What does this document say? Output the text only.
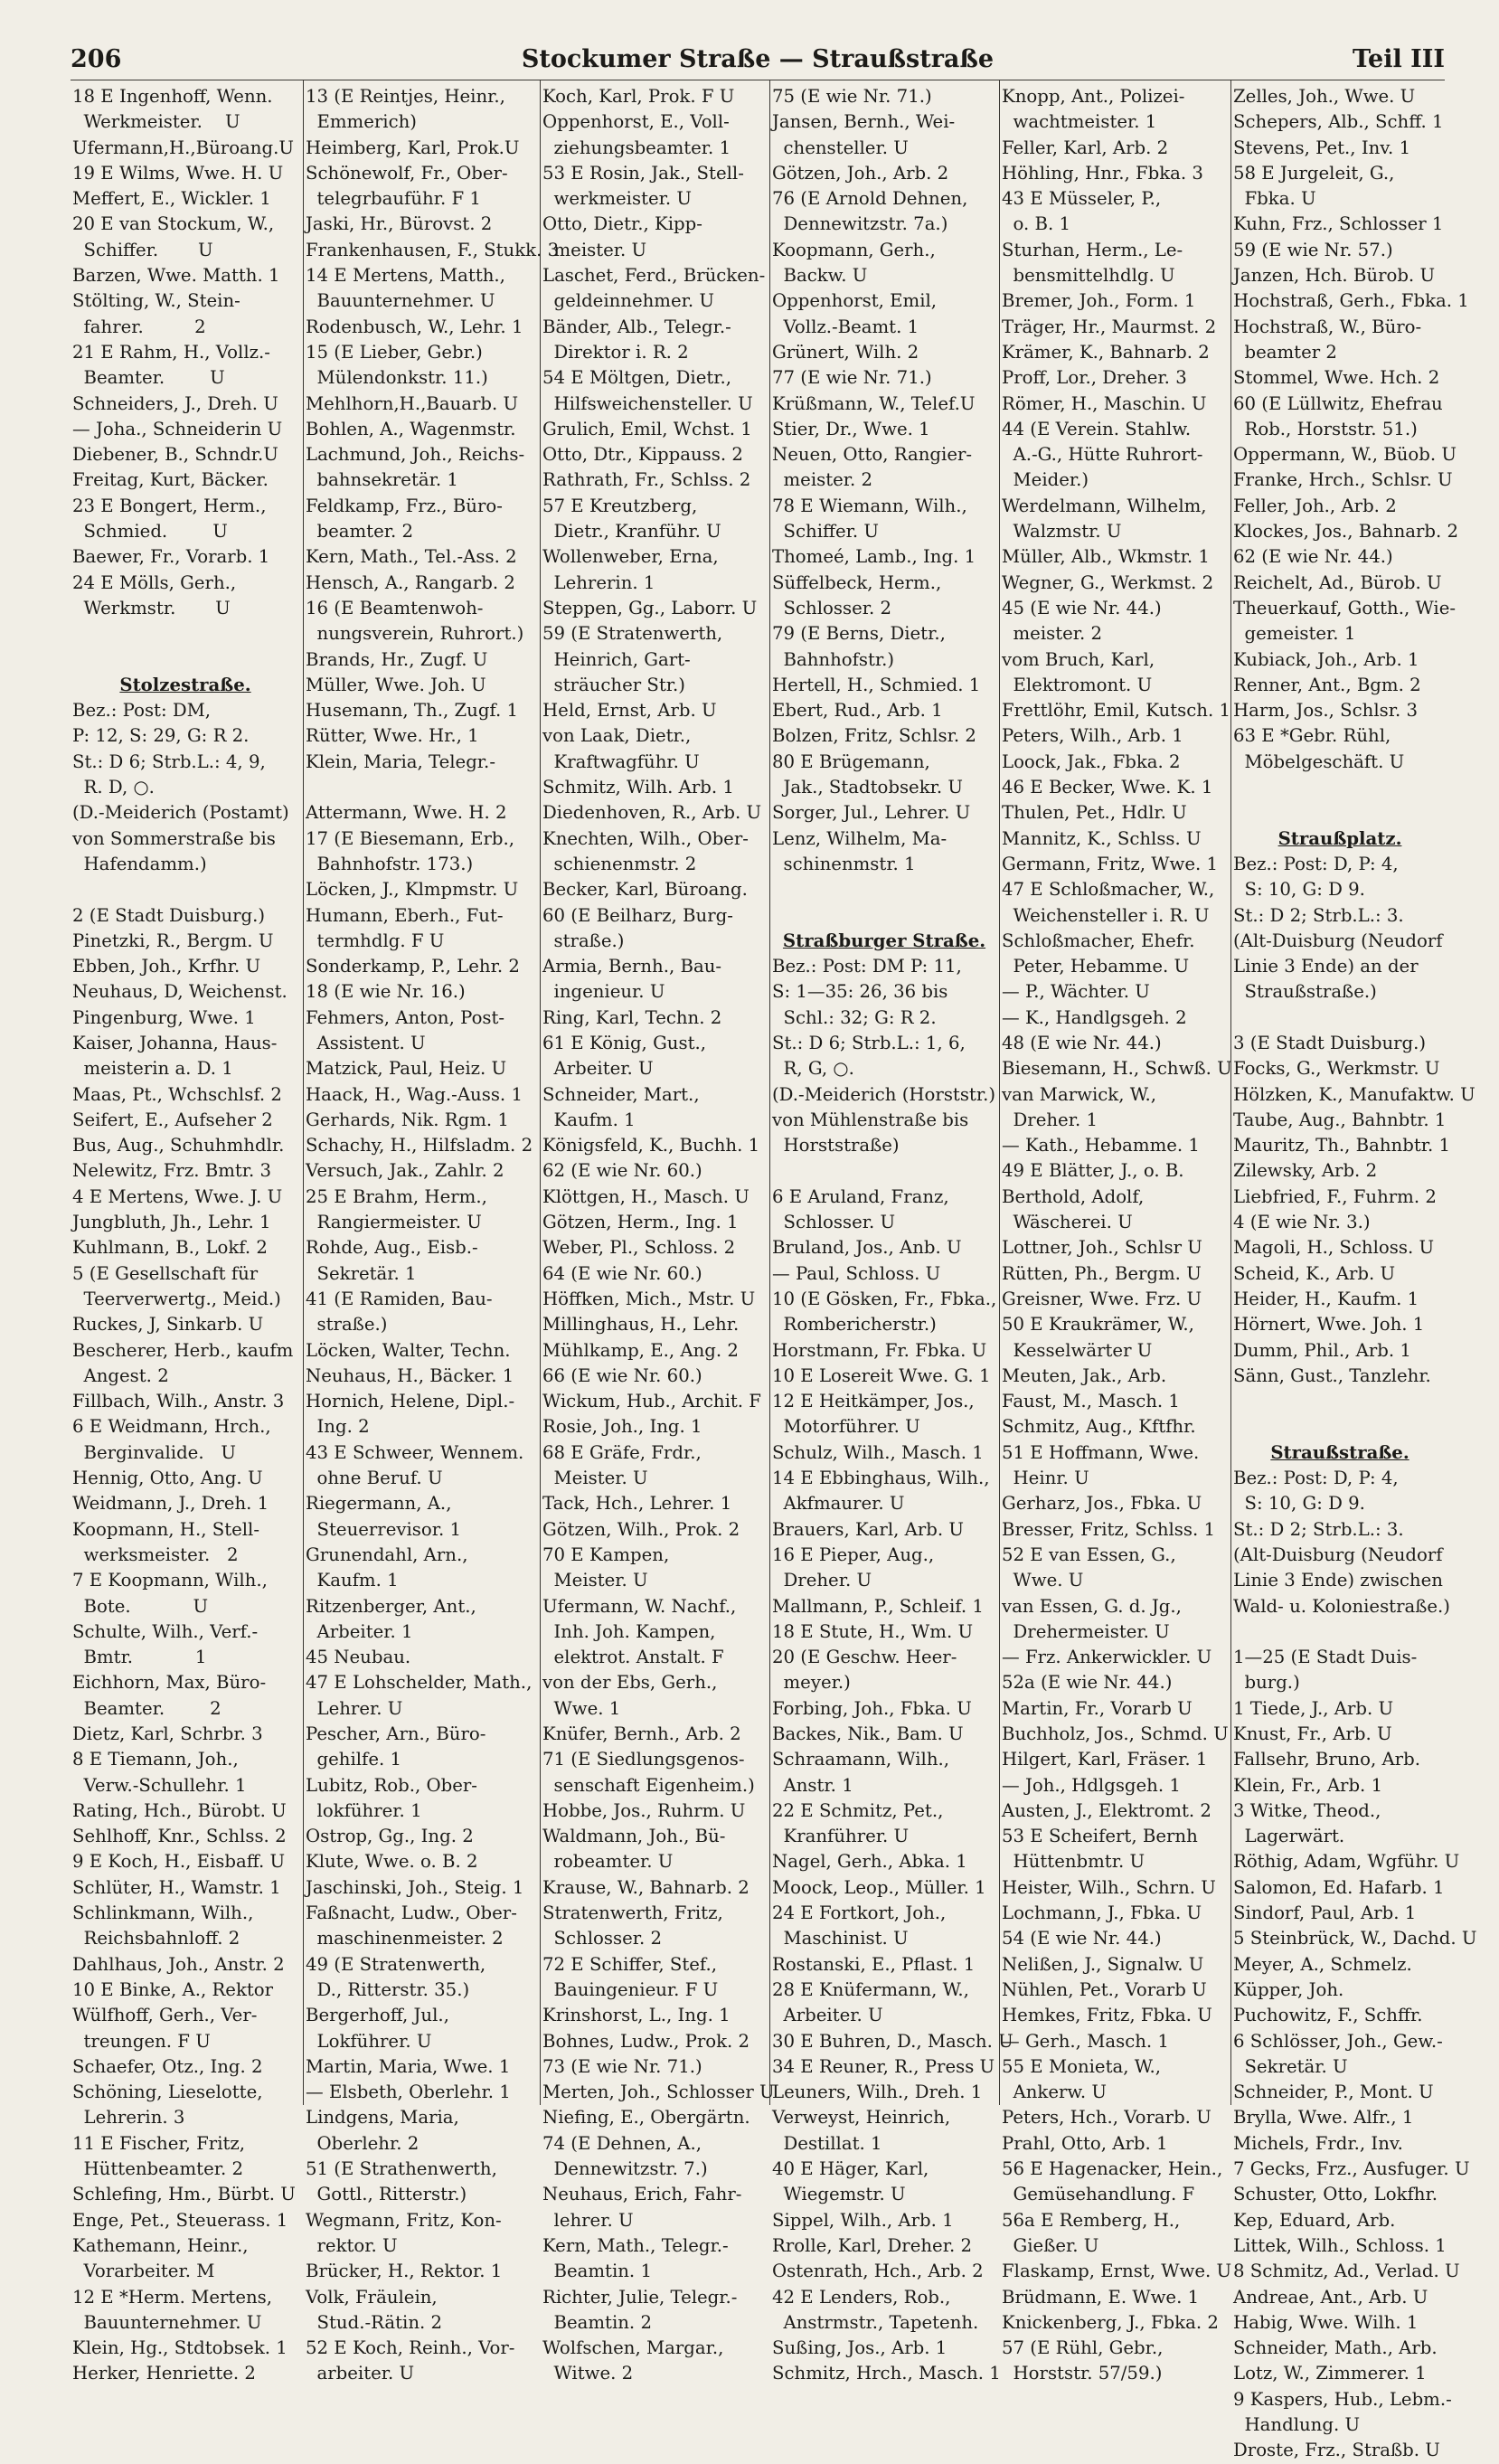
206	Stockumer Straße — Straußstraße	Teil III
18 E Ingenhoff, Wenn.
Werkmeister.    U
Ufermann,H.,Büroang.U
19 E Wilms, Wwe. H. U
Meffert, E., Wickler. 1
20 E van Stockum, W.,
Schiffer.       U
Barzen, Wwe. Matth. 1
Stölting, W., Stein-
fahrer.         2
21 E Rahm, H., Vollz.-
Beamter.        U
Schneiders, J., Dreh. U
— Joha., Schneiderin U
Diebener, B., Schndr.U
Freitag, Kurt, Bäcker.
23 E Bongert, Herm.,
Schmied.        U
Baewer, Fr., Vorarb. 1
24 E Mölls, Gerh.,
Werkmstr.       U

Stolzestraße.
Bez.: Post: DM,
P: 12, S: 29, G: R 2.
St.: D 6; Strb.L.: 4, 9,
R. D, ○.
(D.-Meiderich (Postamt)
von Sommerstraße bis
Hafendamm.)

2 (E Stadt Duisburg.)
Pinetzki, R., Bergm. U
Ebben, Joh., Krfhr. U
Neuhaus, D, Weichenst.
Pingenburg, Wwe. 1
Kaiser, Johanna, Haus-
meisterin a. D. 1
Maas, Pt., Wchschlsf. 2
Seifert, E., Aufseher 2
Bus, Aug., Schuhmhdlr.
Nelewitz, Frz. Bmtr. 3
4 E Mertens, Wwe. J. U
Jungbluth, Jh., Lehr. 1
Kuhlmann, B., Lokf. 2
5 (E Gesellschaft für
Teerverwertg., Meid.)
Ruckes, J, Sinkarb. U
Bescherer, Herb., kaufm
Angest. 2
Fillbach, Wilh., Anstr. 3
6 E Weidmann, Hrch.,
Berginvalide.   U
Hennig, Otto, Ang. U
Weidmann, J., Dreh. 1
Koopmann, H., Stell-
werksmeister.   2
7 E Koopmann, Wilh.,
Bote.           U
Schulte, Wilh., Verf.-
Bmtr.           1
Eichhorn, Max, Büro-
Beamter.        2
Dietz, Karl, Schrbr. 3
8 E Tiemann, Joh.,
Verw.-Schullehr. 1
Rating, Hch., Bürobt. U
Sehlhoff, Knr., Schlss. 2
9 E Koch, H., Eisbaff. U
Schlüter, H., Wamstr. 1
Schlinkmann, Wilh.,
Reichsbahnloff. 2
Dahlhaus, Joh., Anstr. 2
10 E Binke, A., Rektor
Wülfhoff, Gerh., Ver-
treungen. F U
Schaefer, Otz., Ing. 2
Schöning, Lieselotte,
Lehrerin. 3
11 E Fischer, Fritz,
Hüttenbeamter. 2
Schlefing, Hm., Bürbt. U
Enge, Pet., Steuerass. 1
Kathemann, Heinr.,
Vorarbeiter. M
12 E *Herm. Mertens,
Bauunternehmer. U
Klein, Hg., Stdtobsek. 1
Herker, Henriette. 2
13 (E Reintjes, Heinr.,
Emmerich)
Heimberg, Karl, Prok.U
Schönewolf, Fr., Ober-
telegrbauführ. F 1
Jaski, Hr., Bürovst. 2
Frankenhausen, F., Stukk. 3
14 E Mertens, Matth.,
Bauunternehmer. U
Rodenbusch, W., Lehr. 1
15 (E Lieber, Gebr.)
Mülendonkstr. 11.)
Mehlhorn,H.,Bauarb. U
Bohlen, A., Wagenmstr.
Lachmund, Joh., Reichs-
bahnsekretär. 1
Feldkamp, Frz., Büro-
beamter. 2
Kern, Math., Tel.-Ass. 2
Hensch, A., Rangarb. 2
16 (E Beamtenwoh-
nungsverein, Ruhrort.)
Brands, Hr., Zugf. U
Müller, Wwe. Joh. U
Husemann, Th., Zugf. 1
Rütter, Wwe. Hr., 1
Klein, Maria, Telegr.-

Attermann, Wwe. H. 2
17 (E Biesemann, Erb.,
Bahnhofstr. 173.)
Löcken, J., Klmpmstr. U
Humann, Eberh., Fut-
termhdlg. F U
Sonderkamp, P., Lehr. 2
18 (E wie Nr. 16.)
Fehmers, Anton, Post-
Assistent. U
Matzick, Paul, Heiz. U
Haack, H., Wag.-Auss. 1
Gerhards, Nik. Rgm. 1
Schachy, H., Hilfsladm. 2
Versuch, Jak., Zahlr. 2
25 E Brahm, Herm.,
Rangiermeister. U
Rohde, Aug., Eisb.-
Sekretär. 1
41 (E Ramiden, Bau-
straße.)
Löcken, Walter, Techn.
Neuhaus, H., Bäcker. 1
Hornich, Helene, Dipl.-
Ing. 2
43 E Schweer, Wennem.
ohne Beruf. U
Riegermann, A.,
Steuerrevisor. 1
Grunendahl, Arn.,
Kaufm. 1
Ritzenberger, Ant.,
Arbeiter. 1
45 Neubau.
47 E Lohschelder, Math.,
Lehrer. U
Pescher, Arn., Büro-
gehilfe. 1
Lubitz, Rob., Ober-
lokführer. 1
Ostrop, Gg., Ing. 2
Klute, Wwe. o. B. 2
Jaschinski, Joh., Steig. 1
Faßnacht, Ludw., Ober-
maschinenmeister. 2
49 (E Stratenwerth,
D., Ritterstr. 35.)
Bergerhoff, Jul.,
Lokführer. U
Martin, Maria, Wwe. 1
— Elsbeth, Oberlehr. 1
Lindgens, Maria,
Oberlehr. 2
51 (E Strathenwerth,
Gottl., Ritterstr.)
Wegmann, Fritz, Kon-
rektor. U
Brücker, H., Rektor. 1
Volk, Fräulein,
Stud.-Rätin. 2
52 E Koch, Reinh., Vor-
arbeiter. U
Koch, Karl, Prok. F U
Oppenhorst, E., Voll-
ziehungsbeamter. 1
53 E Rosin, Jak., Stell-
werkmeister. U
Otto, Dietr., Kipp-
meister. U
Laschet, Ferd., Brücken-
geldeinnehmer. U
Bänder, Alb., Telegr.-
Direktor i. R. 2
54 E Möltgen, Dietr.,
Hilfsweichensteller. U
Grulich, Emil, Wchst. 1
Otto, Dtr., Kippauss. 2
Rathrath, Fr., Schlss. 2
57 E Kreutzberg,
Dietr., Kranführ. U
Wollenweber, Erna,
Lehrerin. 1
Steppen, Gg., Laborr. U
59 (E Stratenwerth,
Heinrich, Gart-
sträucher Str.)
Held, Ernst, Arb. U
von Laak, Dietr.,
Kraftwagführ. U
Schmitz, Wilh. Arb. 1
Diedenhoven, R., Arb. U
Knechten, Wilh., Ober-
schienenmstr. 2
Becker, Karl, Büroang.
60 (E Beilharz, Burg-
straße.)
Armia, Bernh., Bau-
ingenieur. U
Ring, Karl, Techn. 2
61 E König, Gust.,
Arbeiter. U
Schneider, Mart.,
Kaufm. 1
Königsfeld, K., Buchh. 1
62 (E wie Nr. 60.)
Klöttgen, H., Masch. U
Götzen, Herm., Ing. 1
Weber, Pl., Schloss. 2
64 (E wie Nr. 60.)
Höffken, Mich., Mstr. U
Millinghaus, H., Lehr.
Mühlkamp, E., Ang. 2
66 (E wie Nr. 60.)
Wickum, Hub., Archit. F
Rosie, Joh., Ing. 1
68 E Gräfe, Frdr.,
Meister. U
Tack, Hch., Lehrer. 1
Götzen, Wilh., Prok. 2
70 E Kampen,
Meister. U
Ufermann, W. Nachf.,
Inh. Joh. Kampen,
elektrot. Anstalt. F
von der Ebs, Gerh.,
Wwe. 1
Knüfer, Bernh., Arb. 2
71 (E Siedlungsgenos-
senschaft Eigenheim.)
Hobbe, Jos., Ruhrm. U
Waldmann, Joh., Bü-
robeamter. U
Krause, W., Bahnarb. 2
Stratenwerth, Fritz,
Schlosser. 2
72 E Schiffer, Stef.,
Bauingenieur. F U
Krinshorst, L., Ing. 1
Bohnes, Ludw., Prok. 2
73 (E wie Nr. 71.)
Merten, Joh., Schlosser U
Niefing, E., Obergärtn.
74 (E Dehnen, A.,
Dennewitzstr. 7.)
Neuhaus, Erich, Fahr-
lehrer. U
Kern, Math., Telegr.-
Beamtin. 1
Richter, Julie, Telegr.-
Beamtin. 2
Wolfschen, Margar.,
Witwe. 2
75 (E wie Nr. 71.)
Jansen, Bernh., Wei-
chensteller. U
Götzen, Joh., Arb. 2
76 (E Arnold Dehnen,
Dennewitzstr. 7a.)
Koopmann, Gerh.,
Backw. U
Oppenhorst, Emil,
Vollz.-Beamt. 1
Grünert, Wilh. 2
77 (E wie Nr. 71.)
Krüßmann, W., Telef.U
Stier, Dr., Wwe. 1
Neuen, Otto, Rangier-
meister. 2
78 E Wiemann, Wilh.,
Schiffer. U
Thomeé, Lamb., Ing. 1
Süffelbeck, Herm.,
Schlosser. 2
79 (E Berns, Dietr.,
Bahnhofstr.)
Hertell, H., Schmied. 1
Ebert, Rud., Arb. 1
Bolzen, Fritz, Schlsr. 2
80 E Brügemann,
Jak., Stadtobsekr. U
Sorger, Jul., Lehrer. U
Lenz, Wilhelm, Ma-
schinenmstr. 1

Straßburger Straße.
Bez.: Post: DM P: 11,
S: 1—35: 26, 36 bis
Schl.: 32; G: R 2.
St.: D 6; Strb.L.: 1, 6,
R, G, ○.
(D.-Meiderich (Horststr.)
von Mühlenstraße bis
Horststraße)

6 E Aruland, Franz,
Schlosser. U
Bruland, Jos., Anb. U
— Paul, Schloss. U
10 (E Gösken, Fr., Fbka.,
Rombericherstr.)
Horstmann, Fr. Fbka. U
10 E Losereit Wwe. G. 1
12 E Heitkämper, Jos.,
Motorführer. U
Schulz, Wilh., Masch. 1
14 E Ebbinghaus, Wilh.,
Akfmaurer. U
Brauers, Karl, Arb. U
16 E Pieper, Aug.,
Dreher. U
Mallmann, P., Schleif. 1
18 E Stute, H., Wm. U
20 (E Geschw. Heer-
meyer.)
Forbing, Joh., Fbka. U
Backes, Nik., Bam. U
Schraamann, Wilh.,
Anstr. 1
22 E Schmitz, Pet.,
Kranführer. U
Nagel, Gerh., Abka. 1
Moock, Leop., Müller. 1
24 E Fortkort, Joh.,
Maschinist. U
Rostanski, E., Pflast. 1
28 E Knüfermann, W.,
Arbeiter. U
30 E Buhren, D., Masch. U
34 E Reuner, R., Press U
Leuners, Wilh., Dreh. 1
Verweyst, Heinrich,
Destillat. 1
40 E Häger, Karl,
Wiegemstr. U
Sippel, Wilh., Arb. 1
Rrolle, Karl, Dreher. 2
Ostenrath, Hch., Arb. 2
42 E Lenders, Rob.,
Anstrmstr., Tapetenh.
Sußing, Jos., Arb. 1
Schmitz, Hrch., Masch. 1
Knopp, Ant., Polizei-
wachtmeister. 1
Feller, Karl, Arb. 2
Höhling, Hnr., Fbka. 3
43 E Müsseler, P.,
o. B. 1
Sturhan, Herm., Le-
bensmittelhdlg. U
Bremer, Joh., Form. 1
Träger, Hr., Maurmst. 2
Krämer, K., Bahnarb. 2
Proff, Lor., Dreher. 3
Römer, H., Maschin. U
44 (E Verein. Stahlw.
A.-G., Hütte Ruhrort-
Meider.)
Werdelmann, Wilhelm,
Walzmstr. U
Müller, Alb., Wkmstr. 1
Wegner, G., Werkmst. 2
45 (E wie Nr. 44.)
meister. 2
vom Bruch, Karl,
Elektromont. U
Frettlöhr, Emil, Kutsch. 1
Peters, Wilh., Arb. 1
Loock, Jak., Fbka. 2
46 E Becker, Wwe. K. 1
Thulen, Pet., Hdlr. U
Mannitz, K., Schlss. U
Germann, Fritz, Wwe. 1
47 E Schloßmacher, W.,
Weichensteller i. R. U
Schloßmacher, Ehefr.
Peter, Hebamme. U
— P., Wächter. U
— K., Handlgsgeh. 2
48 (E wie Nr. 44.)
Biesemann, H., Schwß. U
van Marwick, W.,
Dreher. 1
— Kath., Hebamme. 1
49 E Blätter, J., o. B.
Berthold, Adolf,
Wäscherei. U
Lottner, Joh., Schlsr U
Rütten, Ph., Bergm. U
Greisner, Wwe. Frz. U
50 E Kraukrämer, W.,
Kesselwärter U
Meuten, Jak., Arb.
Faust, M., Masch. 1
Schmitz, Aug., Kftfhr.
51 E Hoffmann, Wwe.
Heinr. U
Gerharz, Jos., Fbka. U
Bresser, Fritz, Schlss. 1
52 E van Essen, G.,
Wwe. U
van Essen, G. d. Jg.,
Drehermeister. U
— Frz. Ankerwickler. U
52a (E wie Nr. 44.)
Martin, Fr., Vorarb U
Buchholz, Jos., Schmd. U
Hilgert, Karl, Fräser. 1
— Joh., Hdlgsgeh. 1
Austen, J., Elektromt. 2
53 E Scheifert, Bernh
Hüttenbmtr. U
Heister, Wilh., Schrn. U
Lochmann, J., Fbka. U
54 (E wie Nr. 44.)
Nelißen, J., Signalw. U
Nühlen, Pet., Vorarb U
Hemkes, Fritz, Fbka. U
— Gerh., Masch. 1
55 E Monieta, W.,
Ankerw. U
Peters, Hch., Vorarb. U
Prahl, Otto, Arb. 1
56 E Hagenacker, Hein.,
Gemüsehandlung. F
56a E Remberg, H.,
Gießer. U
Flaskamp, Ernst, Wwe. U
Brüdmann, E. Wwe. 1
Knickenberg, J., Fbka. 2
57 (E Rühl, Gebr.,
Horststr. 57/59.)
Zelles, Joh., Wwe. U
Schepers, Alb., Schff. 1
Stevens, Pet., Inv. 1
58 E Jurgeleit, G.,
Fbka. U
Kuhn, Frz., Schlosser 1
59 (E wie Nr. 57.)
Janzen, Hch. Bürob. U
Hochstraß, Gerh., Fbka. 1
Hochstraß, W., Büro-
beamter 2
Stommel, Wwe. Hch. 2
60 (E Lüllwitz, Ehefrau
Rob., Horststr. 51.)
Oppermann, W., Büob. U
Franke, Hrch., Schlsr. U
Feller, Joh., Arb. 2
Klockes, Jos., Bahnarb. 2
62 (E wie Nr. 44.)
Reichelt, Ad., Bürob. U
Theuerkauf, Gotth., Wie-
gemeister. 1
Kubiack, Joh., Arb. 1
Renner, Ant., Bgm. 2
Harm, Jos., Schlsr. 3
63 E *Gebr. Rühl,
Möbelgeschäft. U

Straußplatz.
Bez.: Post: D, P: 4,
S: 10, G: D 9.
St.: D 2; Strb.L.: 3.
(Alt-Duisburg (Neudorf
Linie 3 Ende) an der
Straußstraße.)

3 (E Stadt Duisburg.)
Focks, G., Werkmstr. U
Hölzken, K., Manufaktw. U
Taube, Aug., Bahnbtr. 1
Mauritz, Th., Bahnbtr. 1
Zilewsky, Arb. 2
Liebfried, F., Fuhrm. 2
4 (E wie Nr. 3.)
Magoli, H., Schloss. U
Scheid, K., Arb. U
Heider, H., Kaufm. 1
Hörnert, Wwe. Joh. 1
Dumm, Phil., Arb. 1
Sänn, Gust., Tanzlehr.

Straußstraße.
Bez.: Post: D, P: 4,
S: 10, G: D 9.
St.: D 2; Strb.L.: 3.
(Alt-Duisburg (Neudorf
Linie 3 Ende) zwischen
Wald- u. Koloniestraße.)

1—25 (E Stadt Duis-
burg.)
1 Tiede, J., Arb. U
Knust, Fr., Arb. U
Fallsehr, Bruno, Arb.
Klein, Fr., Arb. 1
3 Witke, Theod.,
Lagerwärt.
Röthig, Adam, Wgführ. U
Salomon, Ed. Hafarb. 1
Sindorf, Paul, Arb. 1
5 Steinbrück, W., Dachd. U
Meyer, A., Schmelz.
Küpper, Joh.
Puchowitz, F., Schffr.
6 Schlösser, Joh., Gew.-
Sekretär. U
Schneider, P., Mont. U
Brylla, Wwe. Alfr., 1
Michels, Frdr., Inv.
7 Gecks, Frz., Ausfuger. U
Schuster, Otto, Lokfhr.
Kep, Eduard, Arb.
Littek, Wilh., Schloss. 1
8 Schmitz, Ad., Verlad. U
Andreae, Ant., Arb. U
Habig, Wwe. Wilh. 1
Schneider, Math., Arb.
Lotz, W., Zimmerer. 1
9 Kaspers, Hub., Lebm.-
Handlung. U
Droste, Frz., Straßb. U
